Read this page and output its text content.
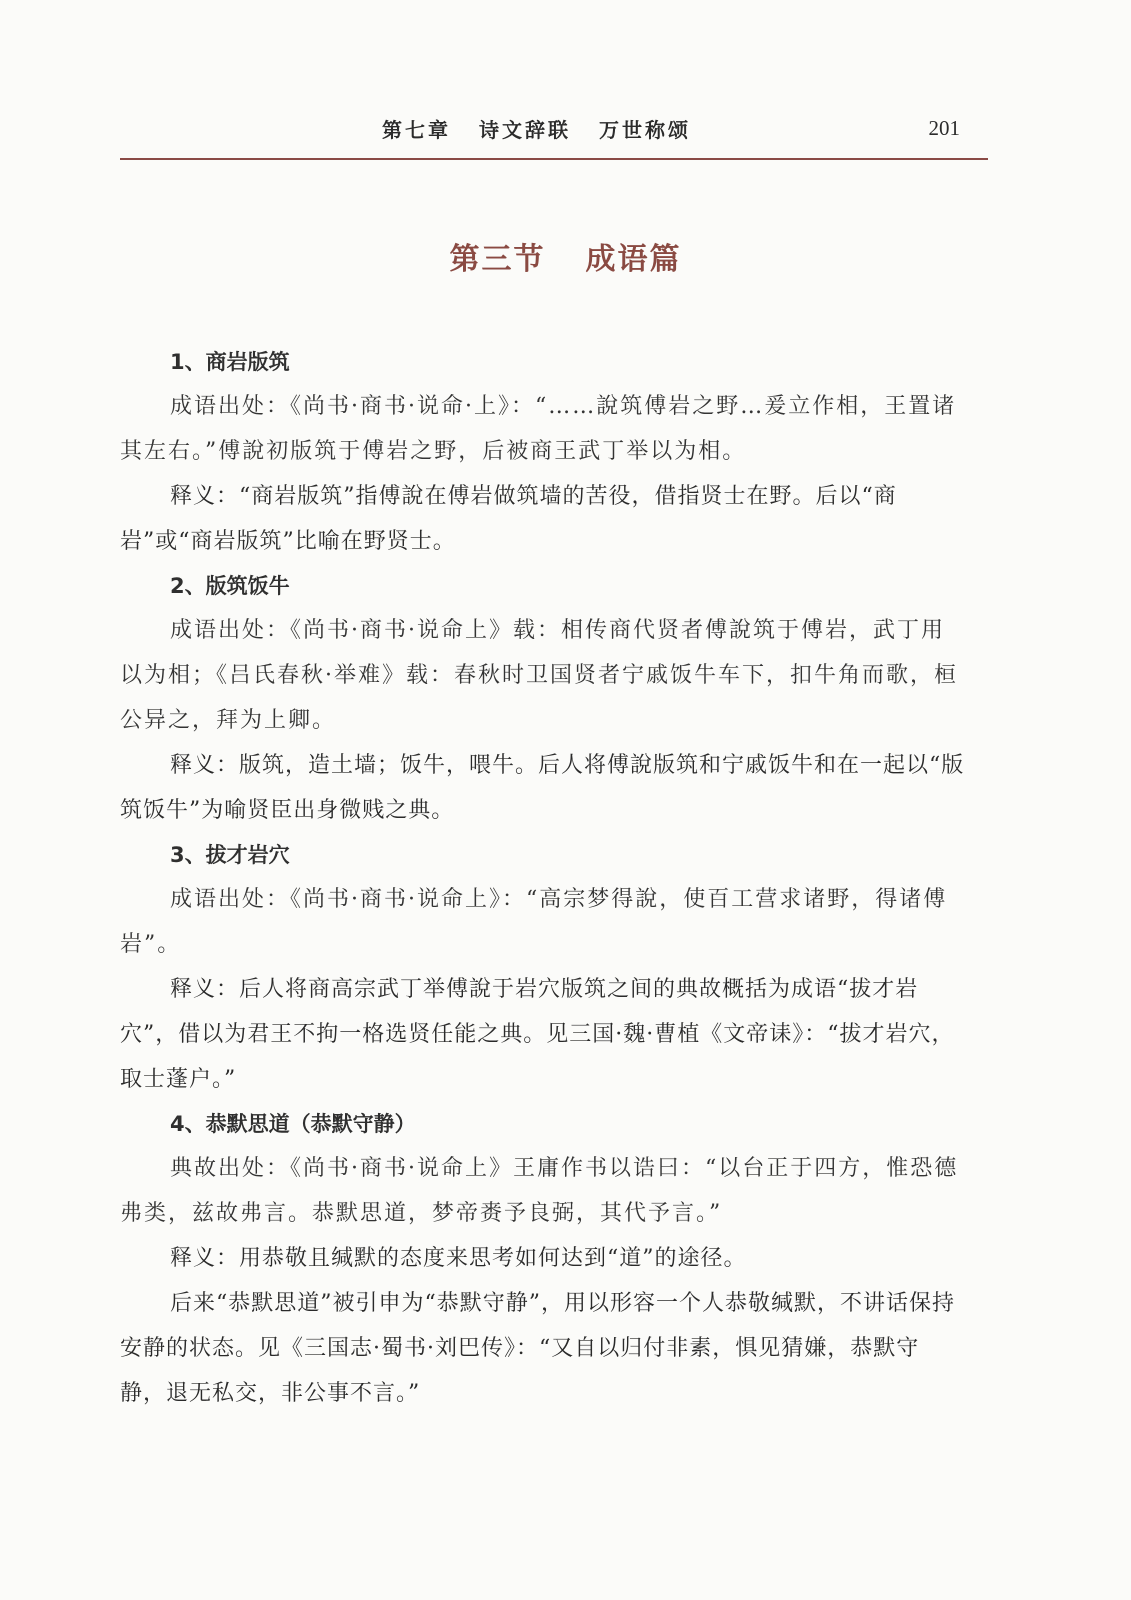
第七章 诗文辞联 万世称颂	201
第三节 成语篇

1、商岩版筑

成语出处：《尚书·商书·说命·上》：“……說筑傅岩之野…爰立作相，王置诸其左右。”傅說初版筑于傅岩之野，后被商王武丁举以为相。

释义：“商岩版筑”指傅說在傅岩做筑墙的苦役，借指贤士在野。后以“商岩”或“商岩版筑”比喻在野贤士。

2、版筑饭牛

成语出处：《尚书·商书·说命上》载：相传商代贤者傅說筑于傅岩，武丁用以为相；《吕氏春秋·举难》载：春秋时卫国贤者宁戚饭牛车下，扣牛角而歌，桓公异之，拜为上卿。

释义：版筑，造土墙；饭牛，喂牛。后人将傅說版筑和宁戚饭牛和在一起以“版筑饭牛”为喻贤臣出身微贱之典。

3、拔才岩穴

成语出处：《尚书·商书·说命上》：“高宗梦得說，使百工营求诸野，得诸傅岩”。

释义：后人将商高宗武丁举傅說于岩穴版筑之间的典故概括为成语“拔才岩穴”，借以为君王不拘一格选贤任能之典。见三国·魏·曹植《文帝诔》：“拔才岩穴，取士蓬户。”

4、恭默思道（恭默守静）

典故出处：《尚书·商书·说命上》王庸作书以诰曰：“以台正于四方，惟恐德弗类，兹故弗言。恭默思道，梦帝赉予良弼，其代予言。”

释义：用恭敬且缄默的态度来思考如何达到“道”的途径。

后来“恭默思道”被引申为“恭默守静”，用以形容一个人恭敬缄默，不讲话保持安静的状态。见《三国志·蜀书·刘巴传》：“又自以归付非素，惧见猜嫌，恭默守静，退无私交，非公事不言。”
